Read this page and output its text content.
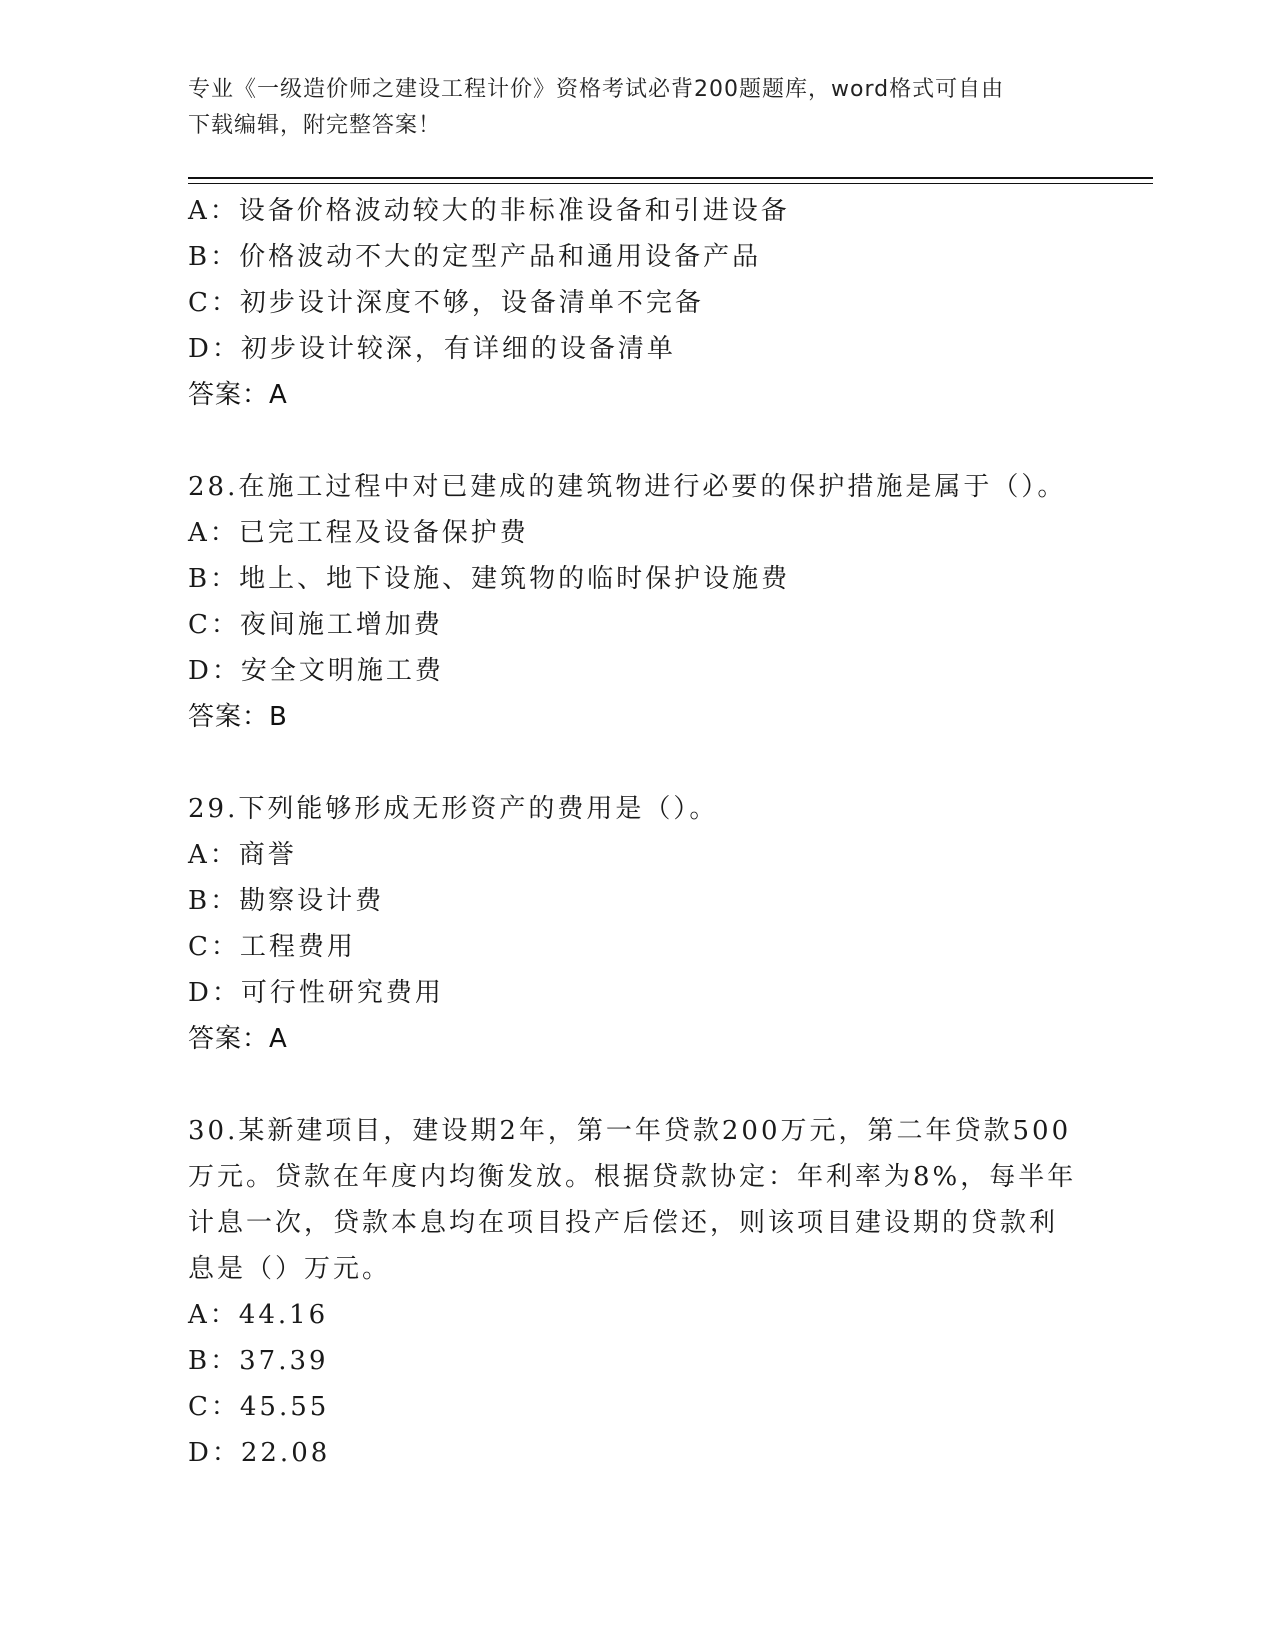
专业《一级造价师之建设工程计价》资格考试必背200题题库，word格式可自由
下载编辑，附完整答案！

A：设备价格波动较大的非标准设备和引进设备

B：价格波动不大的定型产品和通用设备产品

C：初步设计深度不够，设备清单不完备

D：初步设计较深，有详细的设备清单

答案：A

28.在施工过程中对已建成的建筑物进行必要的保护措施是属于（）。

A：已完工程及设备保护费

B：地上、地下设施、建筑物的临时保护设施费

C：夜间施工增加费

D：安全文明施工费

答案：B

29.下列能够形成无形资产的费用是（）。

A：商誉

B：勘察设计费

C：工程费用

D：可行性研究费用

答案：A

30.某新建项目，建设期2年，第一年贷款200万元，第二年贷款500

万元。贷款在年度内均衡发放。根据贷款协定：年利率为8%，每半年

计息一次，贷款本息均在项目投产后偿还，则该项目建设期的贷款利

息是（）万元。

A：44.16

B：37.39

C：45.55

D：22.08
